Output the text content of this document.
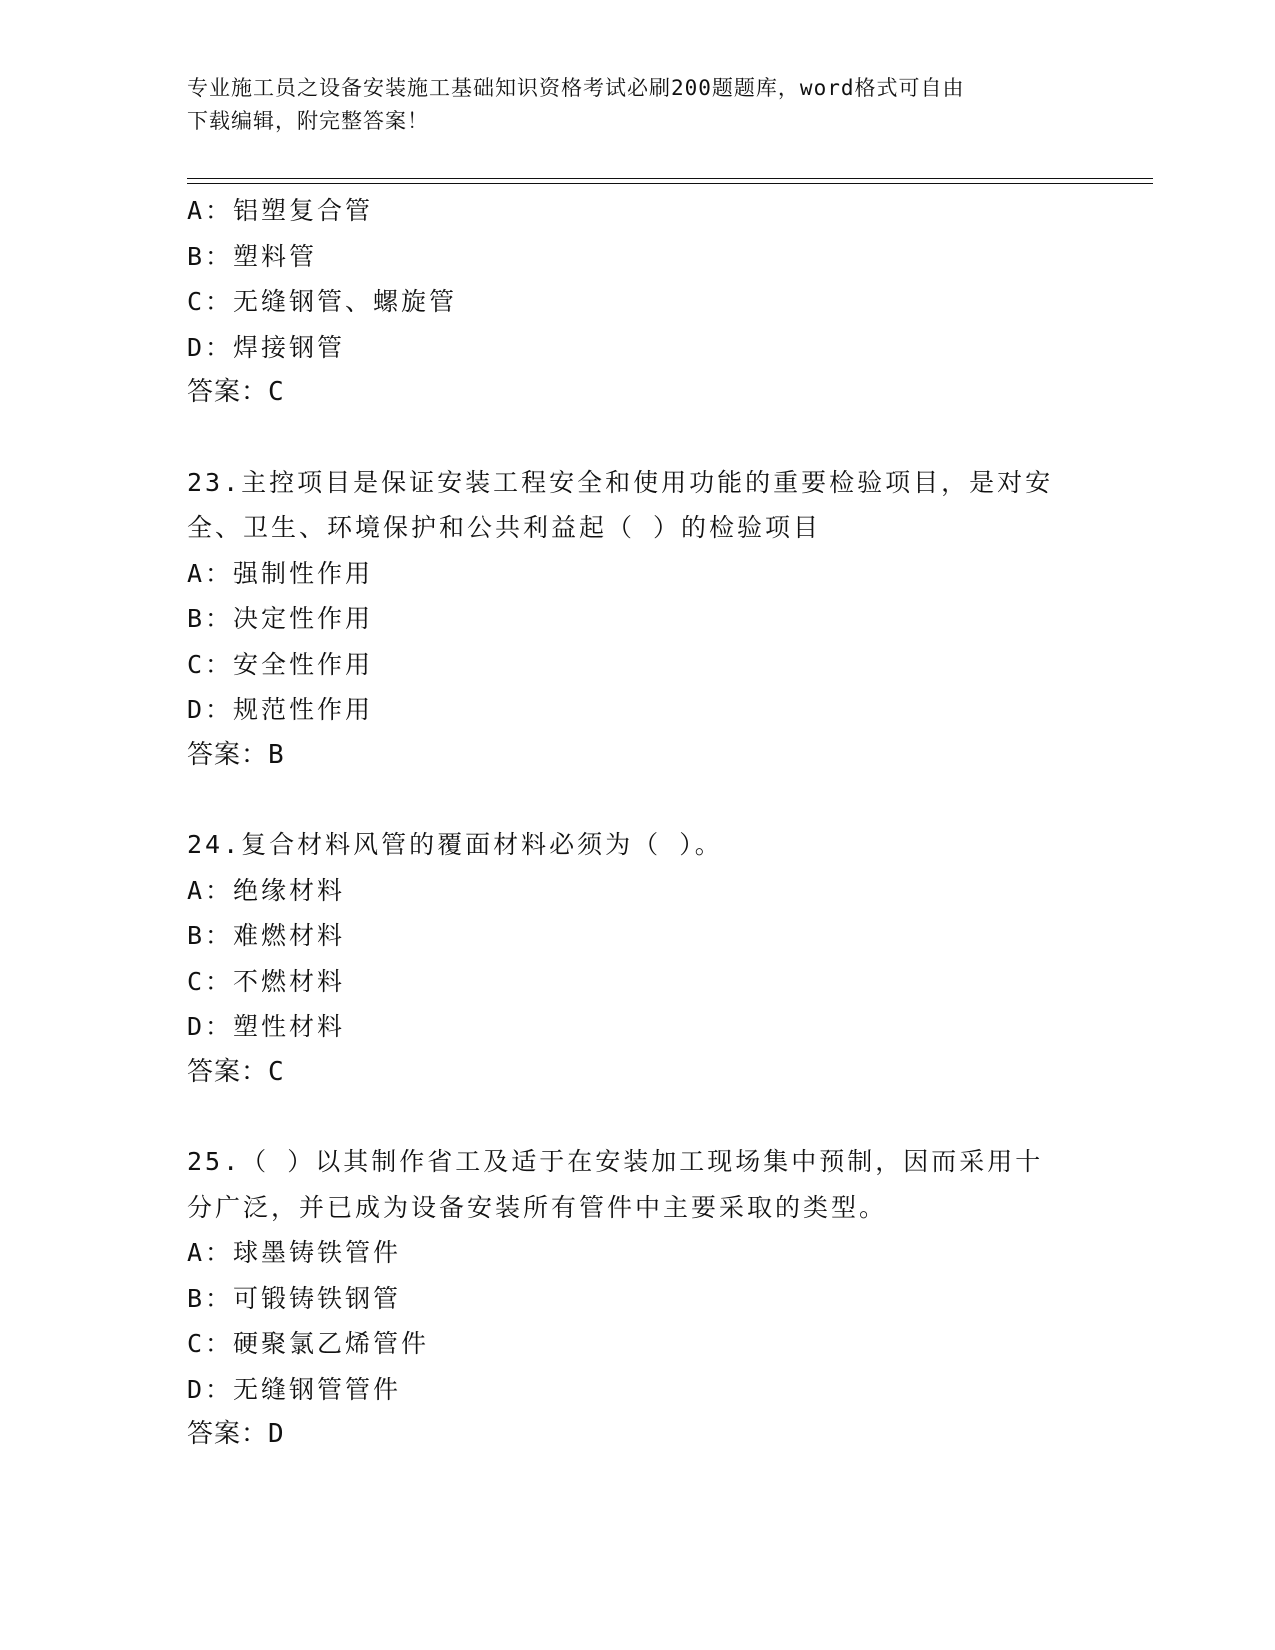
专业施工员之设备安装施工基础知识资格考试必刷200题题库，word格式可自由
下载编辑，附完整答案！
A：铝塑复合管
B：塑料管
C：无缝钢管、螺旋管
D：焊接钢管
答案：C
23.主控项目是保证安装工程安全和使用功能的重要检验项目，是对安
全、卫生、环境保护和公共利益起（ ）的检验项目
A：强制性作用
B：决定性作用
C：安全性作用
D：规范性作用
答案：B
24.复合材料风管的覆面材料必须为（ ）。
A：绝缘材料
B：难燃材料
C：不燃材料
D：塑性材料
答案：C
25.（ ）以其制作省工及适于在安装加工现场集中预制，因而采用十
分广泛，并已成为设备安装所有管件中主要采取的类型。
A：球墨铸铁管件
B：可锻铸铁钢管
C：硬聚氯乙烯管件
D：无缝钢管管件
答案：D
